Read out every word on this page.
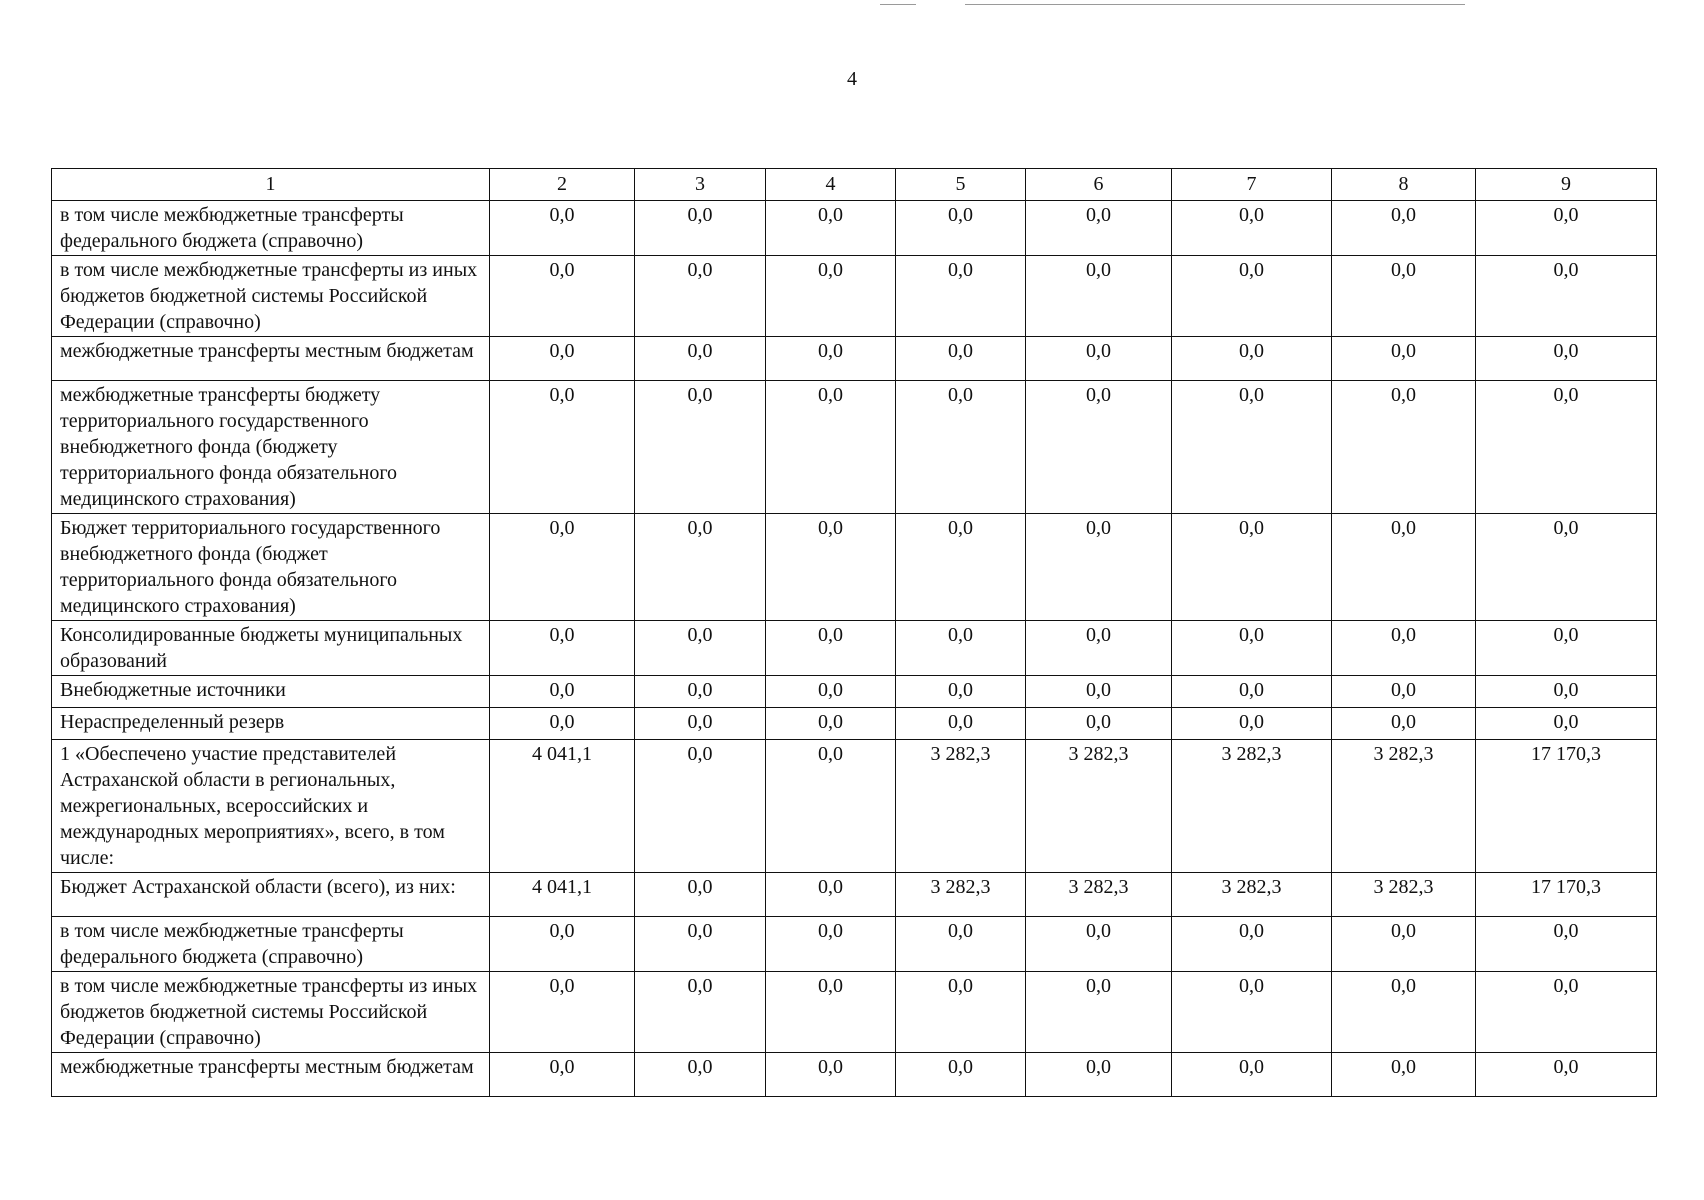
4
1	2	3	4	5	6	7	8	9
в том числе межбюджетные трансферты федерального бюджета (справочно)	0,0	0,0	0,0	0,0	0,0	0,0	0,0	0,0
в том числе межбюджетные трансферты из иных бюджетов бюджетной системы Российской Федерации (справочно)	0,0	0,0	0,0	0,0	0,0	0,0	0,0	0,0
межбюджетные трансферты местным бюджетам	0,0	0,0	0,0	0,0	0,0	0,0	0,0	0,0
межбюджетные трансферты бюджету территориального государственного внебюджетного фонда (бюджету территориального фонда обязательного медицинского страхования)	0,0	0,0	0,0	0,0	0,0	0,0	0,0	0,0
Бюджет территориального государственного внебюджетного фонда (бюджет территориального фонда обязательного медицинского страхования)	0,0	0,0	0,0	0,0	0,0	0,0	0,0	0,0
Консолидированные бюджеты муниципальных образований	0,0	0,0	0,0	0,0	0,0	0,0	0,0	0,0
Внебюджетные источники	0,0	0,0	0,0	0,0	0,0	0,0	0,0	0,0
Нераспределенный резерв	0,0	0,0	0,0	0,0	0,0	0,0	0,0	0,0
1 «Обеспечено участие представителей Астраханской области в региональных, межрегиональных, всероссийских и международных мероприятиях», всего, в том числе:	4 041,1	0,0	0,0	3 282,3	3 282,3	3 282,3	3 282,3	17 170,3
Бюджет Астраханской области (всего), из них:	4 041,1	0,0	0,0	3 282,3	3 282,3	3 282,3	3 282,3	17 170,3
в том числе межбюджетные трансферты федерального бюджета (справочно)	0,0	0,0	0,0	0,0	0,0	0,0	0,0	0,0
в том числе межбюджетные трансферты из иных бюджетов бюджетной системы Российской Федерации (справочно)	0,0	0,0	0,0	0,0	0,0	0,0	0,0	0,0
межбюджетные трансферты местным бюджетам	0,0	0,0	0,0	0,0	0,0	0,0	0,0	0,0
